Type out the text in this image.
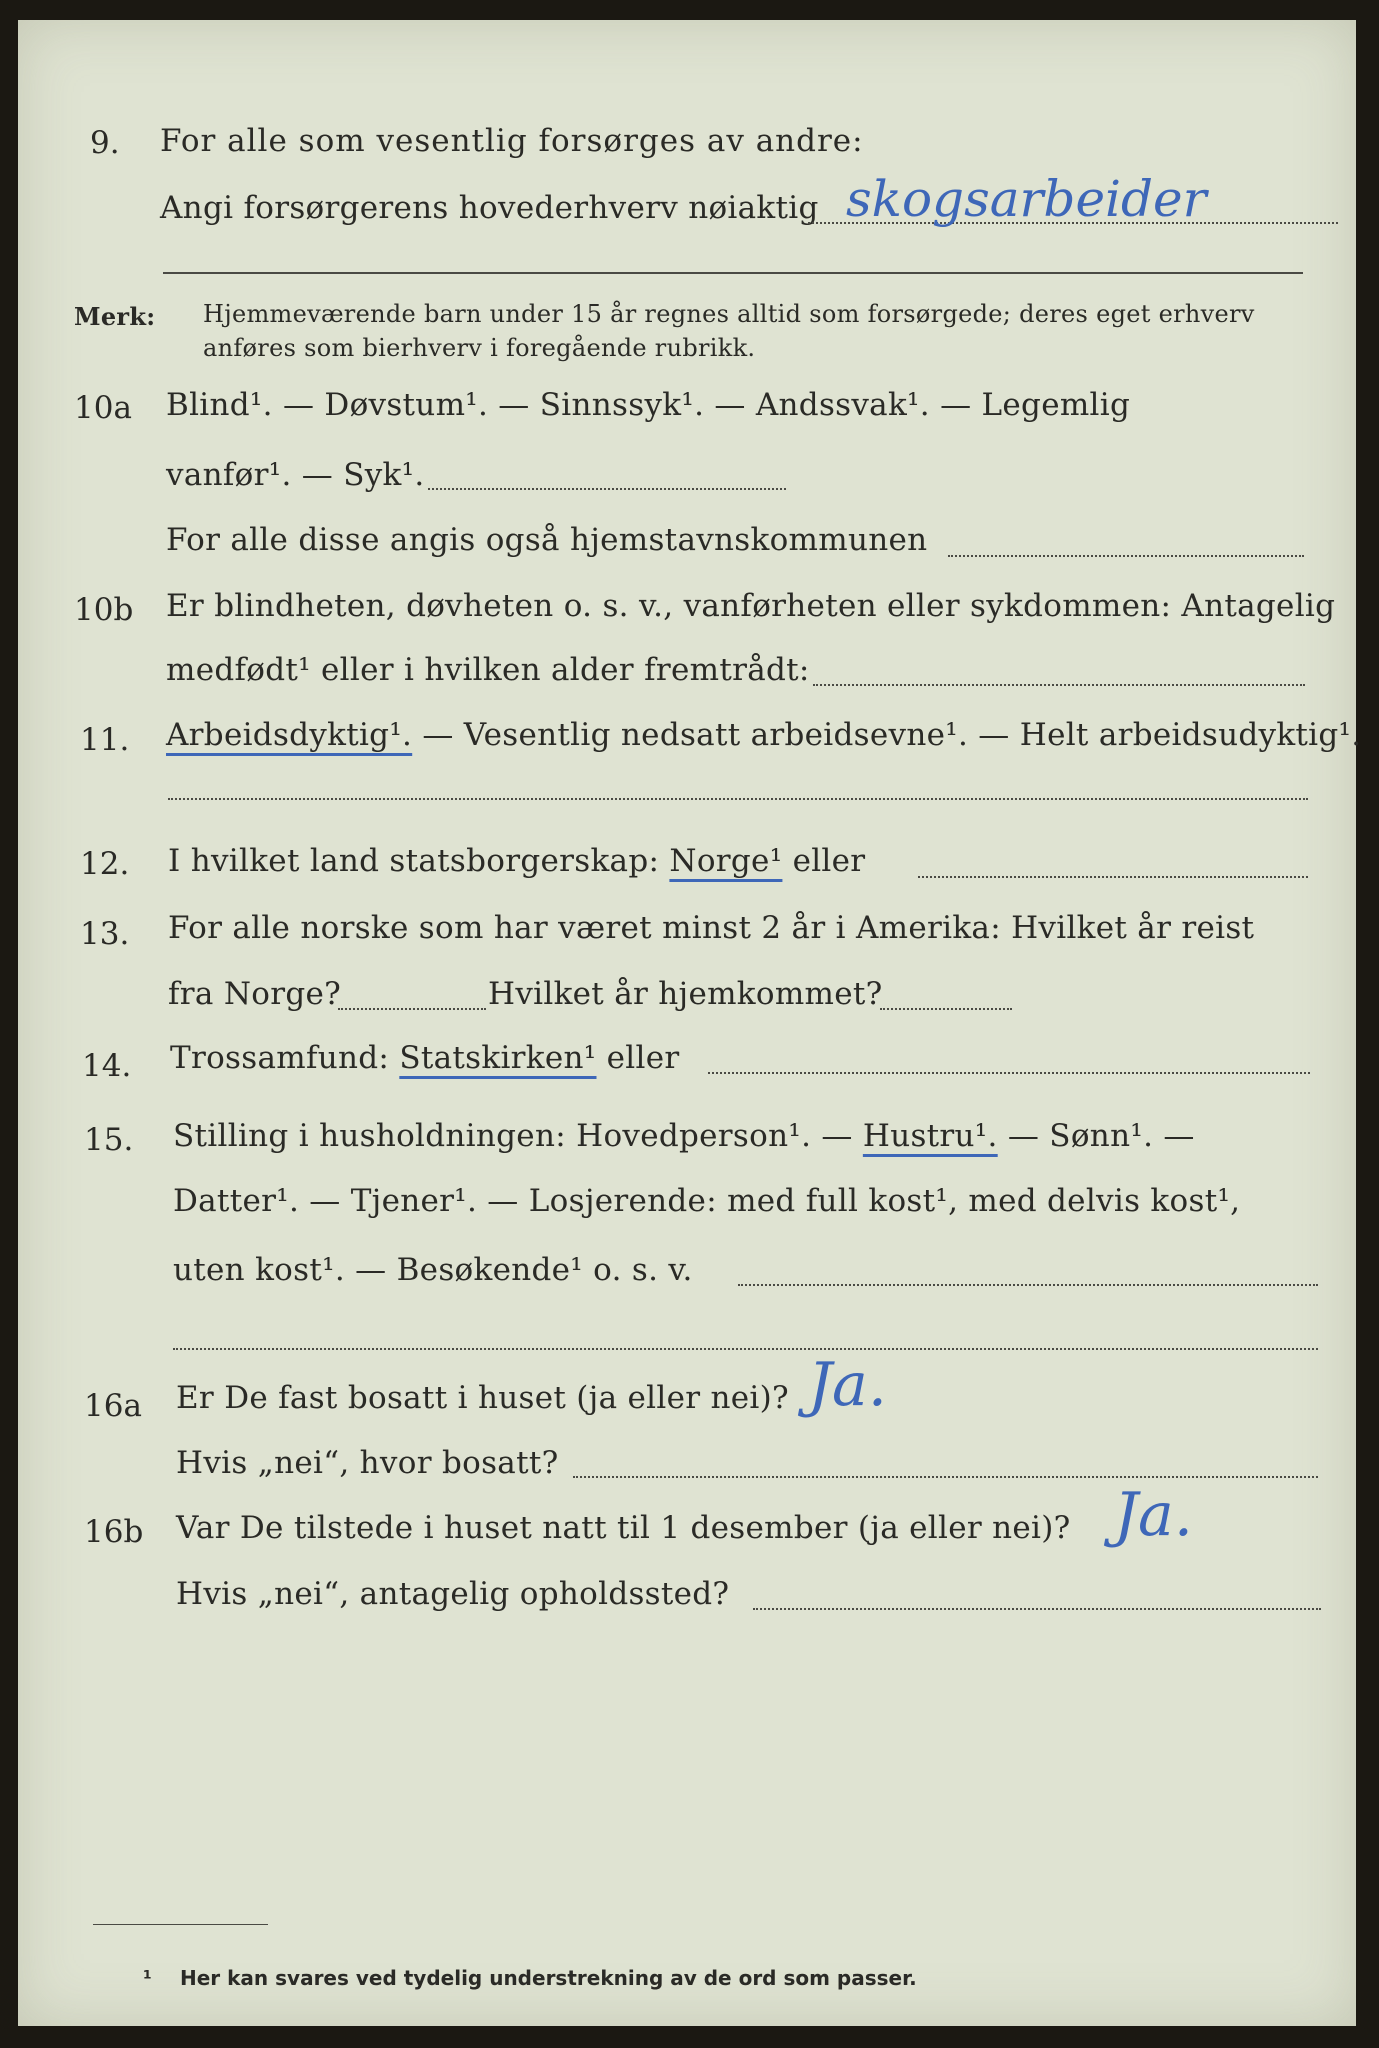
9. For alle som vesentlig forsørges av andre:
Angi forsørgerens hovederhverv nøiaktig skogsarbeider
Merk: Hjemmeværende barn under 15 år regnes alltid som forsørgede; deres eget erhverv
anføres som bierhverv i foregående rubrikk.
10a Blind¹. — Døvstum¹. — Sinnssyk¹. — Andssvak¹. — Legemlig
vanfør¹. — Syk¹.
For alle disse angis også hjemstavnskommunen
10b Er blindheten, døvheten o. s. v., vanførheten eller sykdommen: Antagelig
medfødt¹ eller i hvilken alder fremtrådt:
11. Arbeidsdyktig¹. — Vesentlig nedsatt arbeidsevne¹. — Helt arbeidsudyktig¹.
12. I hvilket land statsborgerskap: Norge¹ eller
13. For alle norske som har været minst 2 år i Amerika: Hvilket år reist
fra Norge?	Hvilket år hjemkommet?
14. Trossamfund: Statskirken¹ eller
15. Stilling i husholdningen: Hovedperson¹. — Hustru¹. — Sønn¹. —
Datter¹. — Tjener¹. — Losjerende: med full kost¹, med delvis kost¹,
uten kost¹. — Besøkende¹ o. s. v.
16a Er De fast bosatt i huset (ja eller nei)? Ja.
Hvis „nei“, hvor bosatt?
16b Var De tilstede i huset natt til 1 desember (ja eller nei)? Ja.
Hvis „nei“, antagelig opholdssted?
¹ Her kan svares ved tydelig understrekning av de ord som passer.
